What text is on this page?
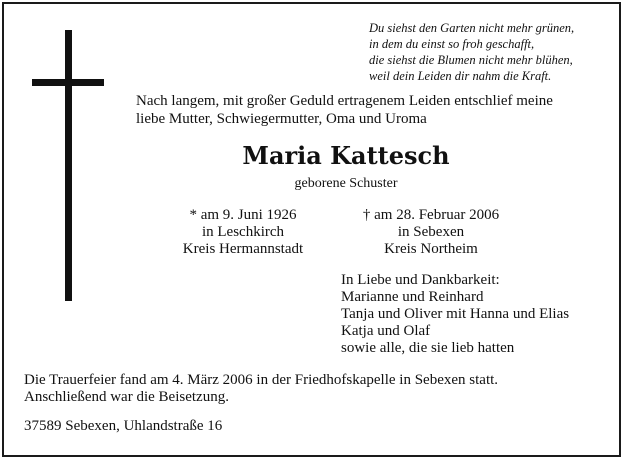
Du siehst den Garten nicht mehr grünen,
in dem du einst so froh geschafft,
die siehst die Blumen nicht mehr blühen,
weil dein Leiden dir nahm die Kraft.
Nach langem, mit großer Geduld ertragenem Leiden entschlief meine
liebe Mutter, Schwiegermutter, Oma und Uroma
Maria Kattesch
geborene Schuster
* am 9. Juni 1926
in Leschkirch
Kreis Hermannstadt
† am 28. Februar 2006
in Sebexen
Kreis Northeim
In Liebe und Dankbarkeit:
Marianne und Reinhard
Tanja und Oliver mit Hanna und Elias
Katja und Olaf
sowie alle, die sie lieb hatten
Die Trauerfeier fand am 4. März 2006 in der Friedhofskapelle in Sebexen statt.
Anschließend war die Beisetzung.
37589 Sebexen, Uhlandstraße 16
